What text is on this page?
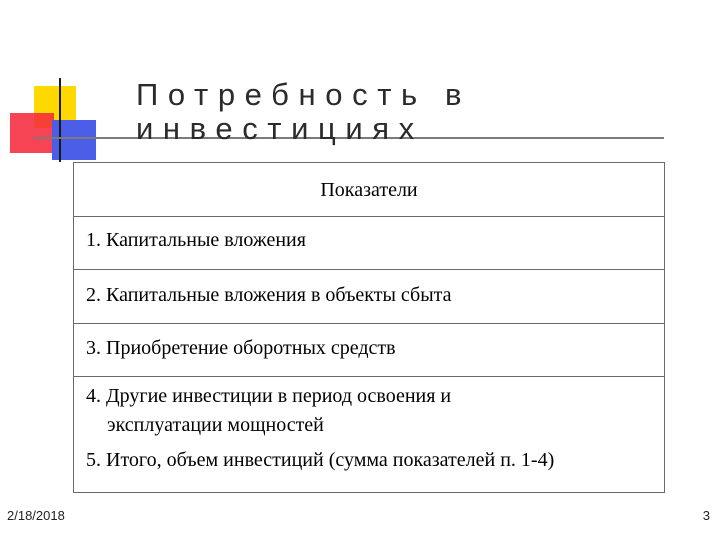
Потребность в
инвестициях
Показатели
1. Капитальные вложения
2. Капитальные вложения в объекты сбыта
3. Приобретение оборотных средств
4. Другие инвестиции в период освоения и
эксплуатации мощностей
5. Итого, объем инвестиций (сумма показателей п. 1-4)
2/18/2018	3
